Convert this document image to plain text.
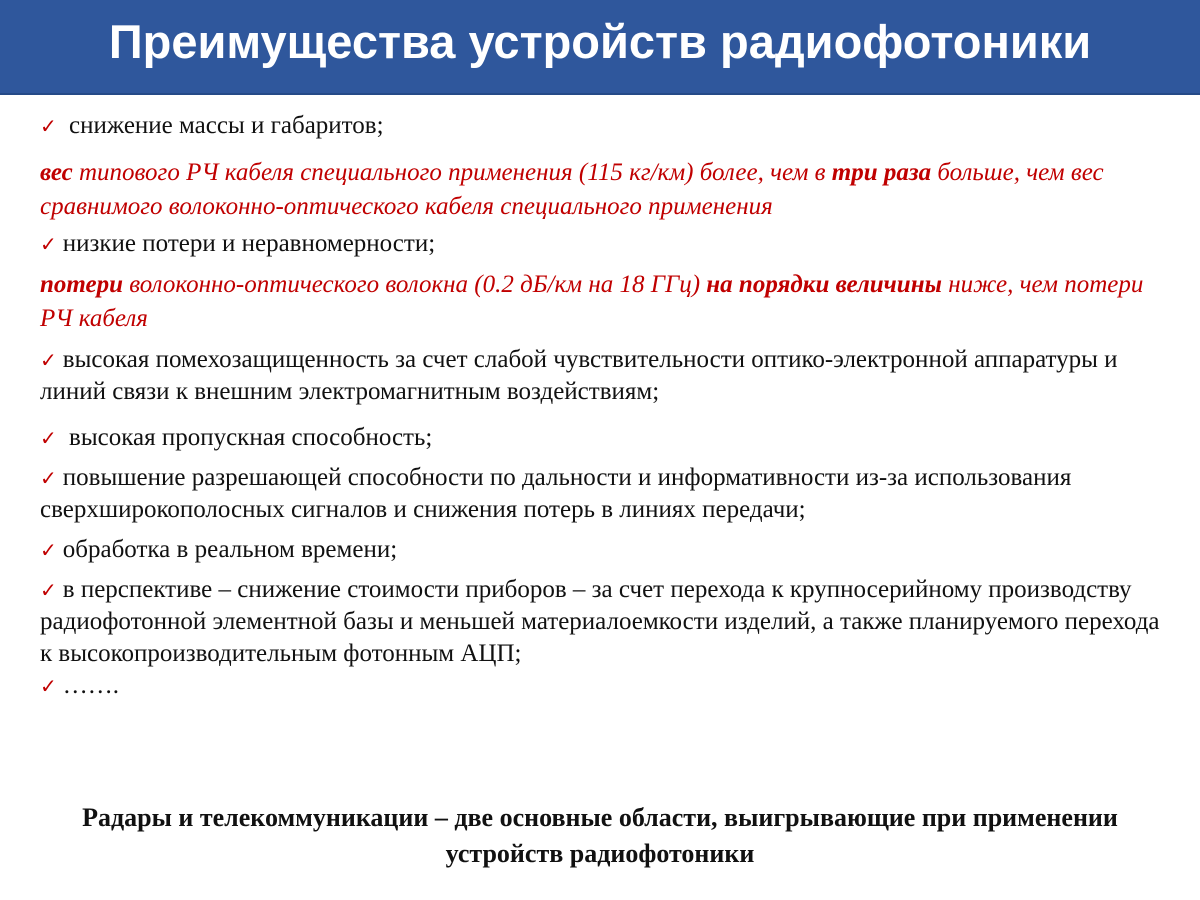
Преимущества устройств радиофотоники

✓ снижение массы и габаритов;

вес типового РЧ кабеля специального применения (115 кг/км) более, чем в три раза больше, чем вес сравнимого волоконно-оптического кабеля специального применения

✓ низкие потери и неравномерности;

потери волоконно-оптического волокна (0.2 дБ/км на 18 ГГц) на порядки величины ниже, чем потери РЧ кабеля

✓ высокая помехозащищенность за счет слабой чувствительности оптико-электронной аппаратуры и линий связи к внешним электромагнитным воздействиям;

✓ высокая пропускная способность;

✓ повышение разрешающей способности по дальности и информативности из-за использования сверхширокополосных сигналов и снижения потерь в линиях передачи;

✓ обработка в реальном времени;

✓ в перспективе – снижение стоимости приборов – за счет перехода к крупносерийному производству радиофотонной элементной базы и меньшей материалоемкости изделий, а также планируемого перехода к высокопроизводительным фотонным АЦП;

✓ …….

Радары и телекоммуникации – две основные области, выигрывающие при применении устройств радиофотоники
